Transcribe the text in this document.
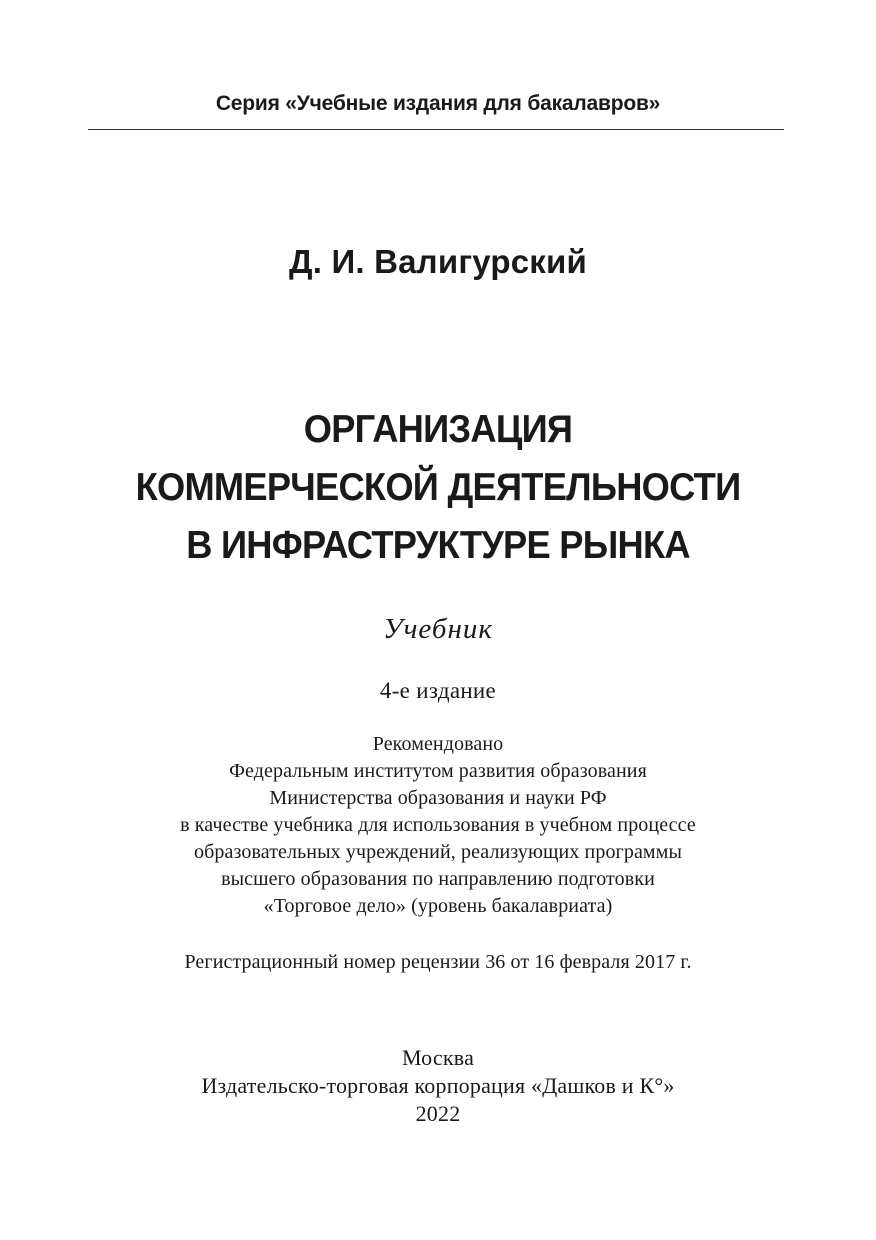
Серия «Учебные издания для бакалавров»
Д. И. Валигурский
ОРГАНИЗАЦИЯ
КОММЕРЧЕСКОЙ ДЕЯТЕЛЬНОСТИ
В ИНФРАСТРУКТУРЕ РЫНКА
Учебник
4-е издание
Рекомендовано
Федеральным институтом развития образования
Министерства образования и науки РФ
в качестве учебника для использования в учебном процессе
образовательных учреждений, реализующих программы
высшего образования по направлению подготовки
«Торговое дело» (уровень бакалавриата)
Регистрационный номер рецензии 36 от 16 февраля 2017 г.
Москва
Издательско-торговая корпорация «Дашков и К°»
2022
